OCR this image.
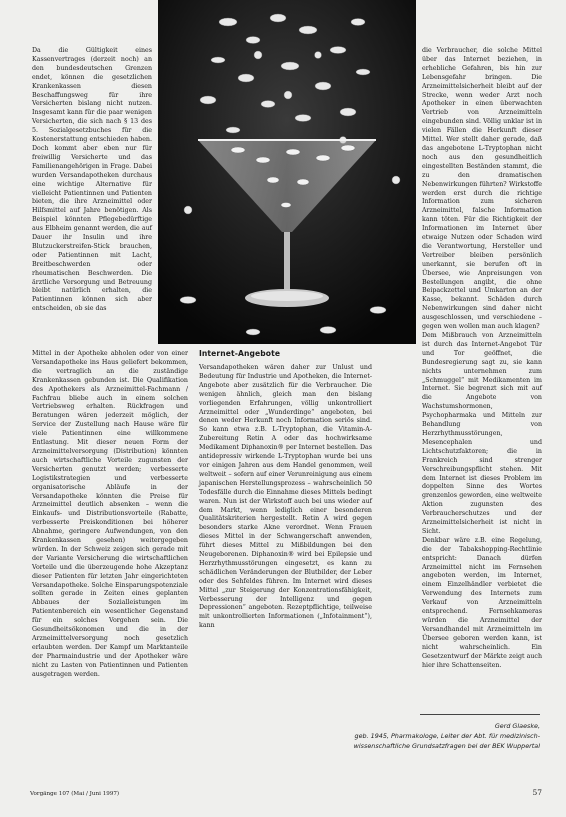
Da die Gültigkeit eines Kassenvertrages (derzeit noch) an den bundesdeutschen Grenzen endet, können die gesetzlichen Krankenkassen diesen Beschaffungsweg für ihre Versicherten bislang nicht nutzen. Insgesamt kann für die paar wenigen Versicherten, die sich nach § 13 des 5. Sozialgesetzbuches für die Kostenerstattung entschieden haben. Doch kommt aber eben nur für freiwillig Versicherte und das Familienangehörigen in Frage. Dabei wurden Versandapotheken durchaus eine wichtige Alternative für vielleicht Patientinnen und Patienten bieten, die ihre Arzneimittel oder Hilfsmittel auf Jahre benötigen. Als Beispiel könnten Pflegebedürftige aus Elbheim genannt werden, die auf Dauer ihr Insulin und ihre Blutzuckerstreifen-Stick brauchen, oder Patientinnen mit Lacht, Breitbeschwerden oder rheumatischen Beschwerden. Die ärztliche Versorgung und Betreuung bleibt natürlich erhalten, die Patientinnen können sich aber entscheiden, ob sie das

Mittel in der Apotheke abholen oder von einer Versandapotheke ins Haus geliefert bekommen, die vertraglich an die zuständige Krankenkassen gebunden ist. Die Qualifikation des Apothekers als Arzneimittel-Fachmann / Fachfrau bliebe auch in einem solchen Vertriebsweg erhalten. Rückfragen und Beratungen wären jederzeit möglich, der Service der Zustellung nach Hause wäre für viele Patientinnen eine willkommene Entlastung. Mit dieser neuen Form der Arzneimittelversorgung (Distribution) könnten auch wirtschaftliche Vorteile zugunsten der Versicherten genutzt werden; verbesserte Logistikstrategien und verbesserte organisatorische Abläufe in der Versandapotheke könnten die Preise für Arzneimittel deutlich absenken – wenn die Einkaufs- und Distributionsvorteile (Rabatte, verbesserte Preiskonditionen bei höherer Abnahme, geringere Aufwendungen, von den Krankenkassen gesehen) weitergegeben würden. In der Schweiz zeigen sich gerade mit der Variante Versicherung die wirtschaftlichen Vorteile und die überzeugende hohe Akzeptanz dieser Patienten für letzten Jahr eingerichteten Versandapotheke. Solche Einsparungspotenziale sollten gerade in Zeiten eines geplanten Abbaues der Sozialleistungen im Patientenbereich ein wesentlicher Gegenstand für ein solches Vorgehen sein. Die Gesundheitsökonomen und die in der Arzneimittelversorgung noch gesetzlich erlaubten werden. Der Kampf um Marktanteile der Pharmaindustrie und der Apotheker wäre nicht zu Lasten von Patientinnen und Patienten ausgetragen werden.

Internet-Angebote

Versandapotheken wären daher zur Unlust und Bedeutung für Industrie und Apotheken, die Internet-Angebote aber zusätzlich für die Verbraucher. Die wenigen ähnlich, gleich man den bislang vorliegenden Erfahrungen, völlig unkontrolliert Arzneimittel oder „Wunderdinge“ angeboten, bei denen weder Herkunft noch Information seriös sind. So kann etwa z.B. L-Tryptophan, die Vitamin-A-Zubereitung Retin A oder das hochwirksame Medikament Diphanoxin® per Internet bestellen. Das antidepressiv wirkende L-Tryptophan wurde bei uns vor einigen Jahren aus dem Handel genommen, weil weltweit – sofern auf einer Verunreinigung aus einem japanischen Herstellungsprozess – wahrscheinlich 50 Todesfälle durch die Einnahme dieses Mittels bedingt waren. Nun ist der Wirkstoff auch bei uns wieder auf dem Markt, wenn lediglich einer besonderen Qualitätskriterien hergestellt. Retin A wird gegen besonders starke Akne verordnet. Wenn Frauen dieses Mittel in der Schwangerschaft anwenden, führt dieses Mittel zu Mißbildungen bei den Neugeborenen. Diphanoxin® wird bei Epilepsie und Herzrhythmusstörungen eingesetzt, es kann zu schädlichen Veränderungen der Blutbilder, der Leber oder des Sehfeldes führen. Im Internet wird dieses Mittel „zur Steigerung der Konzentrationsfähigkeit, Verbesserung der Intelligenz und gegen Depressionen“ angeboten. Rezeptpflichtige, teilweise mit unkontrollierten Informationen („Infotainment“), kann

die Verbraucher, die solche Mittel über das Internet beziehen, in erhebliche Gefahren, bis hin zur Lebensgefahr bringen. Die Arzneimittelsicherheit bleibt auf der Strecke, wenn weder Arzt noch Apotheker in einen überwachten Vertrieb von Arzneimitteln eingebunden sind. Völlig unklar ist in vielen Fällen die Herkunft dieser Mittel. Wer stellt daher gerade, daß das angebotene L-Tryptophan nicht noch aus den gesundheitlich eingestellten Beständen stammt, die zu den dramatischen Nebenwirkungen führten? Wirkstoffe werden erst durch die richtige Information zum sicheren Arzneimittel, falsche Information kann töten. Für die Richtigkeit der Informationen im Internet über etwaige Nutzen oder Schaden wird die Verantwortung, Hersteller und Vertreiber bleiben persönlich unerkannt, sie berufen oft in Übersee, wie Anpreisungen von Bestellungen angibt, die ohne Beipackzettel und Umkarton an der Kasse, bekannt. Schäden durch Nebenwirkungen sind daher nicht ausgeschlossen, und verschiedene – gegen wen wollen man auch klagen?
Dem Mißbrauch von Arzneimitteln ist durch das Internet-Angebot Tür und Tor geöffnet, die Bundesregierung sagt zu, sie kann nichts unternehmen zum „Schmuggel“ mit Medikamenten im Internet. Sie begrenzt sich mit auf die Angebote von Wachstumshormonen, Psychopharmaka und Mitteln zur Behandlung von Herzrhythmusstörungen, Mesencephalen und Lichtschutzfaktoren; die in Frankreich sind strenger Verschreibungspflicht stehen. Mit dem Internet ist dieses Problem im doppelten Sinne des Wortes grenzenlos geworden, eine weltweite Aktion zugunsten des Verbraucherschutzes und der Arzneimittelsicherheit ist nicht in Sicht.
Denkbar wäre z.B. eine Regelung, die der Tabakshopping-Rechtlinie entspricht: Danach dürfen Arzneimittel nicht im Fernsehen angeboten werden, im Internet, einem Einzelhändler verbietet die Verwendung des Internets zum Verkauf von Arzneimitteln entsprechend. Fernsehkameras würden die Arzneimittel der Versandhandel mit Arzneimitteln im Übersee geboren werden kann, ist nicht wahrscheinlich. Ein Gesetzentwurf der Märkte zeigt auch hier ihre Schattenseiten.

Gerd Glaeske,
geb. 1945, Pharmakologe, Leiter der Abt. für medizinisch-wissenschaftliche Grundsatzfragen bei der BEK Wuppertal
Vorgänge 107 (Mai / Juni 1997)	57
